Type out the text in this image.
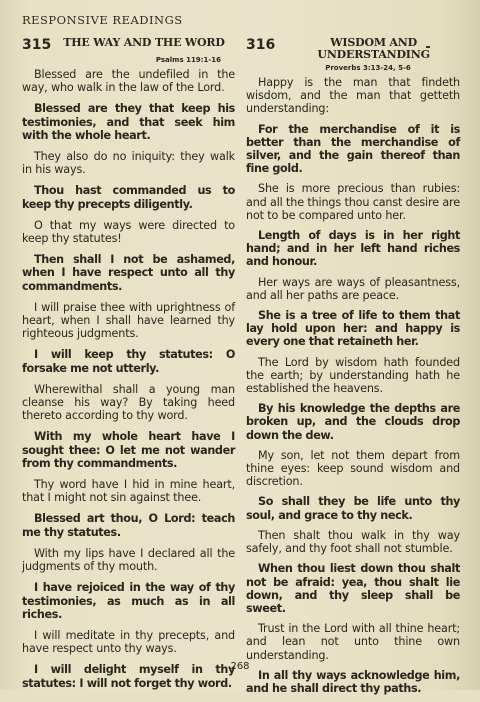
RESPONSIVE READINGS
315 THE WAY AND THE WORD
Psalms 119:1-16

Blessed are the undefiled in the way, who walk in the law of the Lord.

Blessed are they that keep his testimonies, and that seek him with the whole heart.

They also do no iniquity: they walk in his ways.

Thou hast commanded us to keep thy precepts diligently.

O that my ways were directed to keep thy statutes!

Then shall I not be ashamed, when I have respect unto all thy commandments.

I will praise thee with uprightness of heart, when I shall have learned thy righteous judgments.

I will keep thy statutes: O forsake me not utterly.

Wherewithal shall a young man cleanse his way? By taking heed thereto according to thy word.

With my whole heart have I sought thee: O let me not wander from thy commandments.

Thy word have I hid in mine heart, that I might not sin against thee.

Blessed art thou, O Lord: teach me thy statutes.

With my lips have I declared all the judgments of thy mouth.

I have rejoiced in the way of thy testimonies, as much as in all riches.

I will meditate in thy precepts, and have respect unto thy ways.

I will delight myself in thy statutes: I will not forget thy word.

316	WISDOM AND
UNDERSTANDING
Proverbs 3:13-24, 5-6

Happy is the man that findeth wisdom, and the man that getteth understanding:

For the merchandise of it is better than the merchandise of silver, and the gain thereof than fine gold.

She is more precious than rubies: and all the things thou canst desire are not to be compared unto her.

Length of days is in her right hand; and in her left hand riches and honour.

Her ways are ways of pleasantness, and all her paths are peace.

She is a tree of life to them that lay hold upon her: and happy is every one that retaineth her.

The Lord by wisdom hath founded the earth; by understanding hath he established the heavens.

By his knowledge the depths are broken up, and the clouds drop down the dew.

My son, let not them depart from thine eyes: keep sound wisdom and discretion.

So shall they be life unto thy soul, and grace to thy neck.

Then shalt thou walk in thy way safely, and thy foot shall not stumble.

When thou liest down thou shalt not be afraid: yea, thou shalt lie down, and thy sleep shall be sweet.

Trust in the Lord with all thine heart; and lean not unto thine own understanding.

In all thy ways acknowledge him, and he shall direct thy paths.

268
